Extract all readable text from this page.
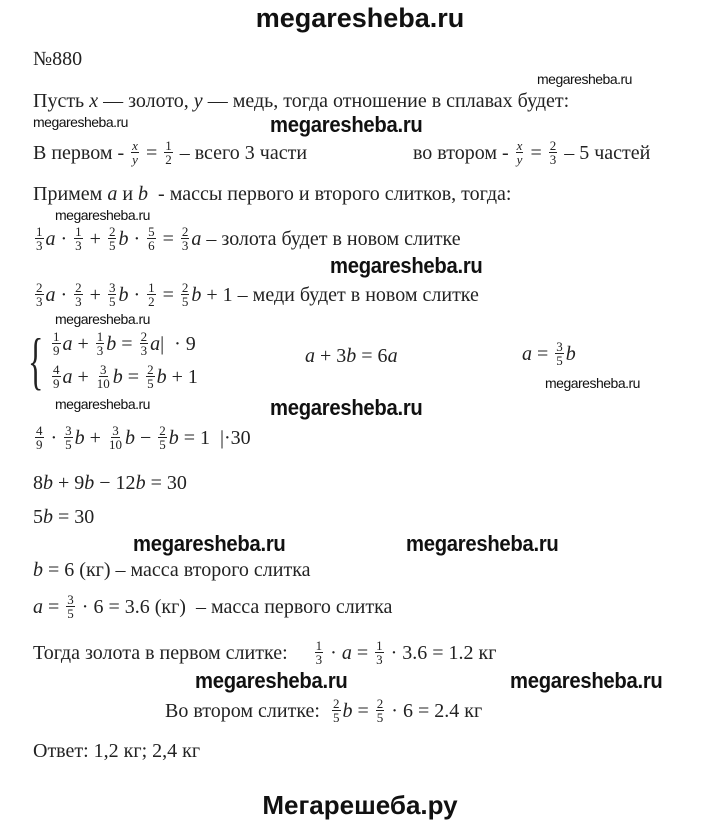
megaresheba.ru
№880
megaresheba.ru
megaresheba.ru	megaresheba.ru
megaresheba.ru
megaresheba.ru
megaresheba.ru
megaresheba.ru
megaresheba.ru	megaresheba.ru
megaresheba.ru	megaresheba.ru
megaresheba.ru	megaresheba.ru
{
Пусть x — золото, y — медь, тогда отношение в сплавах будет:
В первом - $\frac{x}{y} = \frac{1}{2}$ – всего 3 части	во втором - $\frac{x}{y} = \frac{2}{3} - 5$ частей
Примем a и b - массы первого и второго слитков, тогда:
$\frac{1}{3}$ $a \cdot \frac{1}{3} + \frac{2}{5}$ $b \cdot \frac{5}{6} = \frac{2}{3}$ a – золота будет в новом слитке
$\frac{2}{3}$ $a \cdot \frac{2}{3} + \frac{3}{5}$ $b \cdot \frac{1}{2} = \frac{2}{5}$ b + 1 – меди будет в новом слитке
$\frac{1}{9}$ $a + \frac{1}{3}$ $b = \frac{2}{3}$ a |  · 9
$\frac{4}{9}$ $a + \frac{3}{10}$ $b = \frac{2}{5}$ b + 1
a + 3 b = 6 a	$a = \frac{3}{5}$ b
$\frac{4}{9} \cdot \frac{3}{5}$ $b + \frac{3}{10}$ $b - \frac{2}{5}$ b = 1  |·30
8 b + 9 b − 12 b = 30
5 b = 30
b = 6 (кг) – масса второго слитка
$a = \frac{3}{5} \cdot 6 = 3.6$ (кг)  – масса первого слитка
Тогда золота в первом слитке: $\frac{1}{3} \cdot a = \frac{1}{3} \cdot 3.6 = 1.2$ кг
Во втором слитке: $\frac{2}{5}$ $b = \frac{2}{5} \cdot 6 = 2.4$ кг
Ответ: 1,2 кг; 2,4 кг
Мегарешеба.ру
